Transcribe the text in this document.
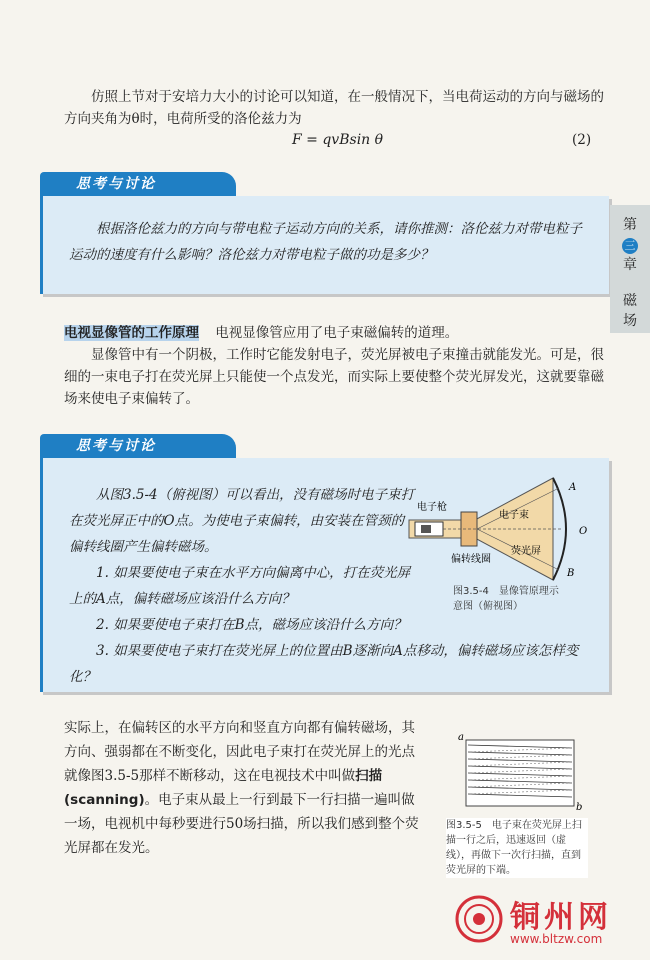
仿照上节对于安培力大小的讨论可以知道，在一般情况下，当电荷运动的方向与磁场的
方向夹角为θ时，电荷所受的洛伦兹力为
F = qvBsin θ	(2)
思考与讨论
根据洛伦兹力的方向与带电粒子运动方向的关系，请你推测：洛伦兹力对带电粒子运动的速度有什么影响？洛伦兹力对带电粒子做的功是多少？
第
三
章
磁
场
电视显像管的工作原理 电视显像管应用了电子束磁偏转的道理。
显像管中有一个阴极，工作时它能发射电子，荧光屏被电子束撞击就能发光。可是，很细的一束电子打在荧光屏上只能使一个点发光，而实际上要使整个荧光屏发光，这就要靠磁场来使电子束偏转了。
思考与讨论
从图3.5-4（俯视图）可以看出，没有磁场时电子束打在荧光屏正中的O点。为使电子束偏转，由安装在管颈的偏转线圈产生偏转磁场。
1. 如果要使电子束在水平方向偏离中心，打在荧光屏上的A点，偏转磁场应该沿什么方向？
2. 如果要使电子束打在B点，磁场应该沿什么方向？
3. 如果要使电子束打在荧光屏上的位置由B逐渐向A点移动，偏转磁场应该怎样变化？
电子枪
电子束
偏转线圈
荧光屏
A
O
B
图3.5-4　显像管原理示意图（俯视图）
实际上，在偏转区的水平方向和竖直方向都有偏转磁场，其方向、强弱都在不断变化，因此电子束打在荧光屏上的光点就像图3.5-5那样不断移动，这在电视技术中叫做扫描(scanning)。电子束从最上一行到最下一行扫描一遍叫做一场，电视机中每秒要进行50场扫描，所以我们感到整个荧光屏都在发光。
a
b
图3.5-5　电子束在荧光屏上扫描一行之后，迅速返回（虚线），再做下一次行扫描，直到荧光屏的下端。
铜州网
www.bltzw.com
